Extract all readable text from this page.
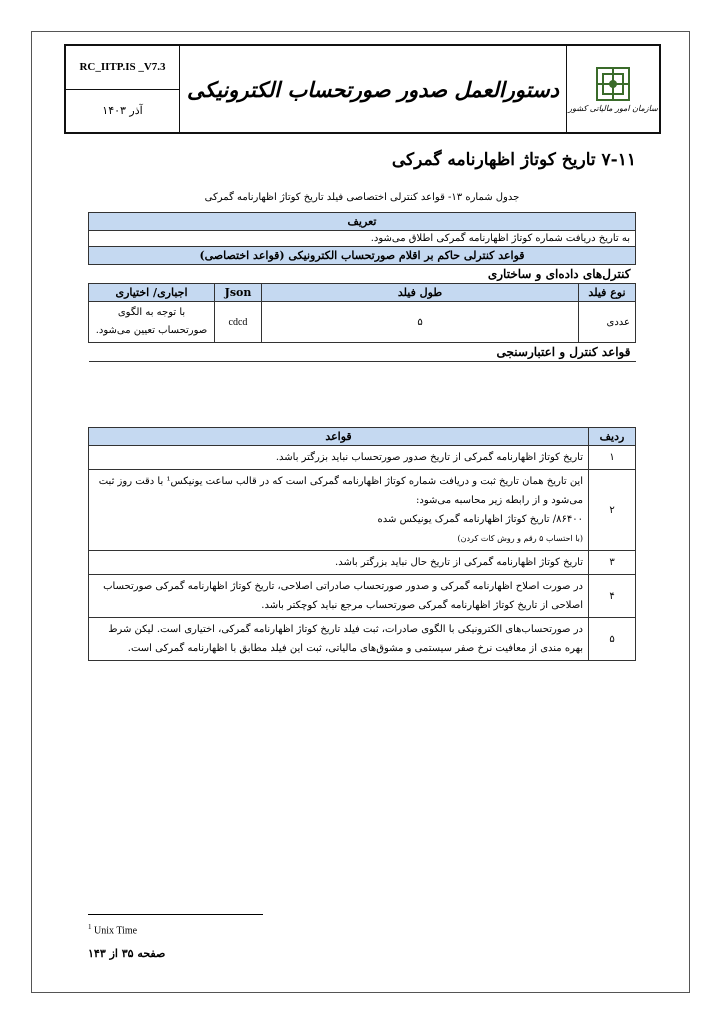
RC_IITP.IS _V7.3
آذر ۱۴۰۳
دستورالعمل صدور صورتحساب الکترونیکی
سازمان امور مالیاتی کشور
۷-۱۱ تاریخ کوتاژ اظهارنامه گمرکی
جدول شماره ۱۳- قواعد کنترلی اختصاصی فیلد تاریخ کوتاژ اظهارنامه گمرکی
تعریف			
به تاریخ دریافت شماره کوتاژ اظهارنامه گمرکی اطلاق می‌شود.			
قواعد کنترلی حاکم بر اقلام صورتحساب الکترونیکی (قواعد اختصاصی)			
کنترل‌های داده‌ای و ساختاری			
نوع فیلد	طول فیلد	Json	اجباری/ اختیاری
عددی	۵	cdcd	با توجه به الگوی صورتحساب تعیین می‌شود.
قواعد کنترل و اعتبارسنجی			
ردیف	قواعد
۱	تاریخ کوتاژ اظهارنامه گمرکی از تاریخ صدور صورتحساب نباید بزرگتر باشد.
۲	این تاریخ همان تاریخ ثبت و دریافت شماره کوتاژ اظهارنامه گمرکی است که در قالب ساعت یونیکس¹ با دقت روز ثبت می‌شود و از رابطه زیر محاسبه می‌شود:
۸۶۴۰۰/ تاریخ کوتاژ اظهارنامه گمرک یونیکس شده
(با احتساب ۵ رقم و روش کات کردن)
۳	تاریخ کوتاژ اظهارنامه گمرکی از تاریخ حال نباید بزرگتر باشد.
۴	در صورت اصلاح اظهارنامه گمرکی و صدور صورتحساب صادراتی اصلاحی، تاریخ کوتاژ اظهارنامه گمرکی صورتحساب اصلاحی از تاریخ کوتاژ اظهارنامه گمرکی صورتحساب مرجع نباید کوچکتر باشد.
۵	در صورتحساب‌های الکترونیکی با الگوی صادرات، ثبت فیلد تاریخ کوتاژ اظهارنامه گمرکی، اختیاری است. لیکن شرط بهره مندی از معافیت نرخ صفر سیستمی و مشوق‌های مالیاتی، ثبت این فیلد مطابق با اظهارنامه گمرکی است.
$^1$ Unix Time
صفحه ۳۵ از ۱۴۳
